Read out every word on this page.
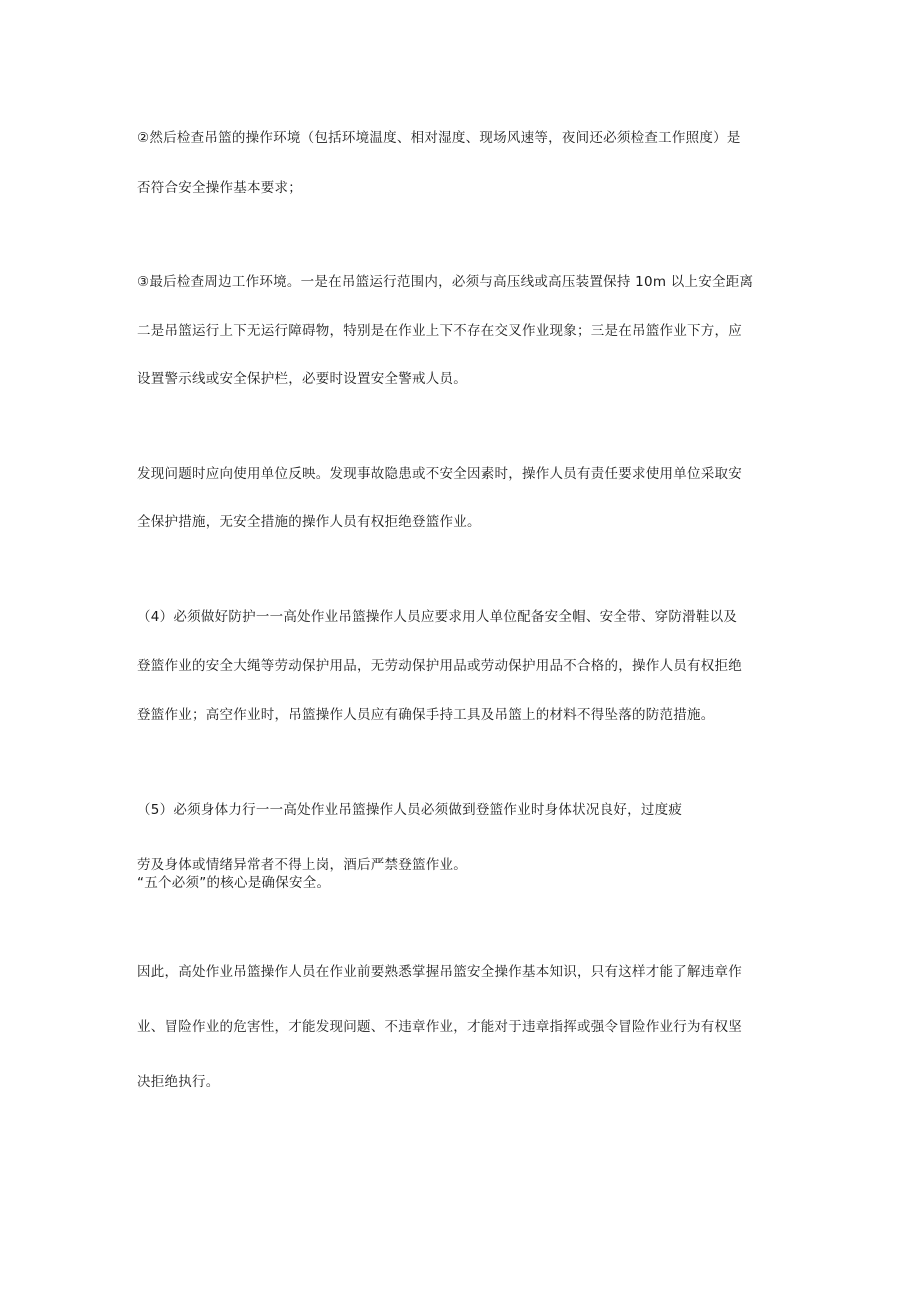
②然后检查吊篮的操作环境（包括环境温度、相对湿度、现场风速等，夜间还必须检查工作照度）是
否符合安全操作基本要求；
③最后检查周边工作环境。一是在吊篮运行范围内，必须与高压线或高压装置保持 10m 以上安全距离
二是吊篮运行上下无运行障碍物，特别是在作业上下不存在交叉作业现象；三是在吊篮作业下方，应
设置警示线或安全保护栏，必要时设置安全警戒人员。
发现问题时应向使用单位反映。发现事故隐患或不安全因素时，操作人员有责任要求使用单位采取安
全保护措施，无安全措施的操作人员有权拒绝登篮作业。
（4）必须做好防护一一高处作业吊篮操作人员应要求用人单位配备安全帽、安全带、穿防滑鞋以及
登篮作业的安全大绳等劳动保护用品，无劳动保护用品或劳动保护用品不合格的，操作人员有权拒绝
登篮作业；高空作业时，吊篮操作人员应有确保手持工具及吊篮上的材料不得坠落的防范措施。
（5）必须身体力行一一高处作业吊篮操作人员必须做到登篮作业时身体状况良好，过度疲
劳及身体或情绪异常者不得上岗，酒后严禁登篮作业。
“五个必须”的核心是确保安全。
因此，高处作业吊篮操作人员在作业前要熟悉掌握吊篮安全操作基本知识，只有这样才能了解违章作
业、冒险作业的危害性，才能发现问题、不违章作业，才能对于违章指挥或强令冒险作业行为有权坚
决拒绝执行。
